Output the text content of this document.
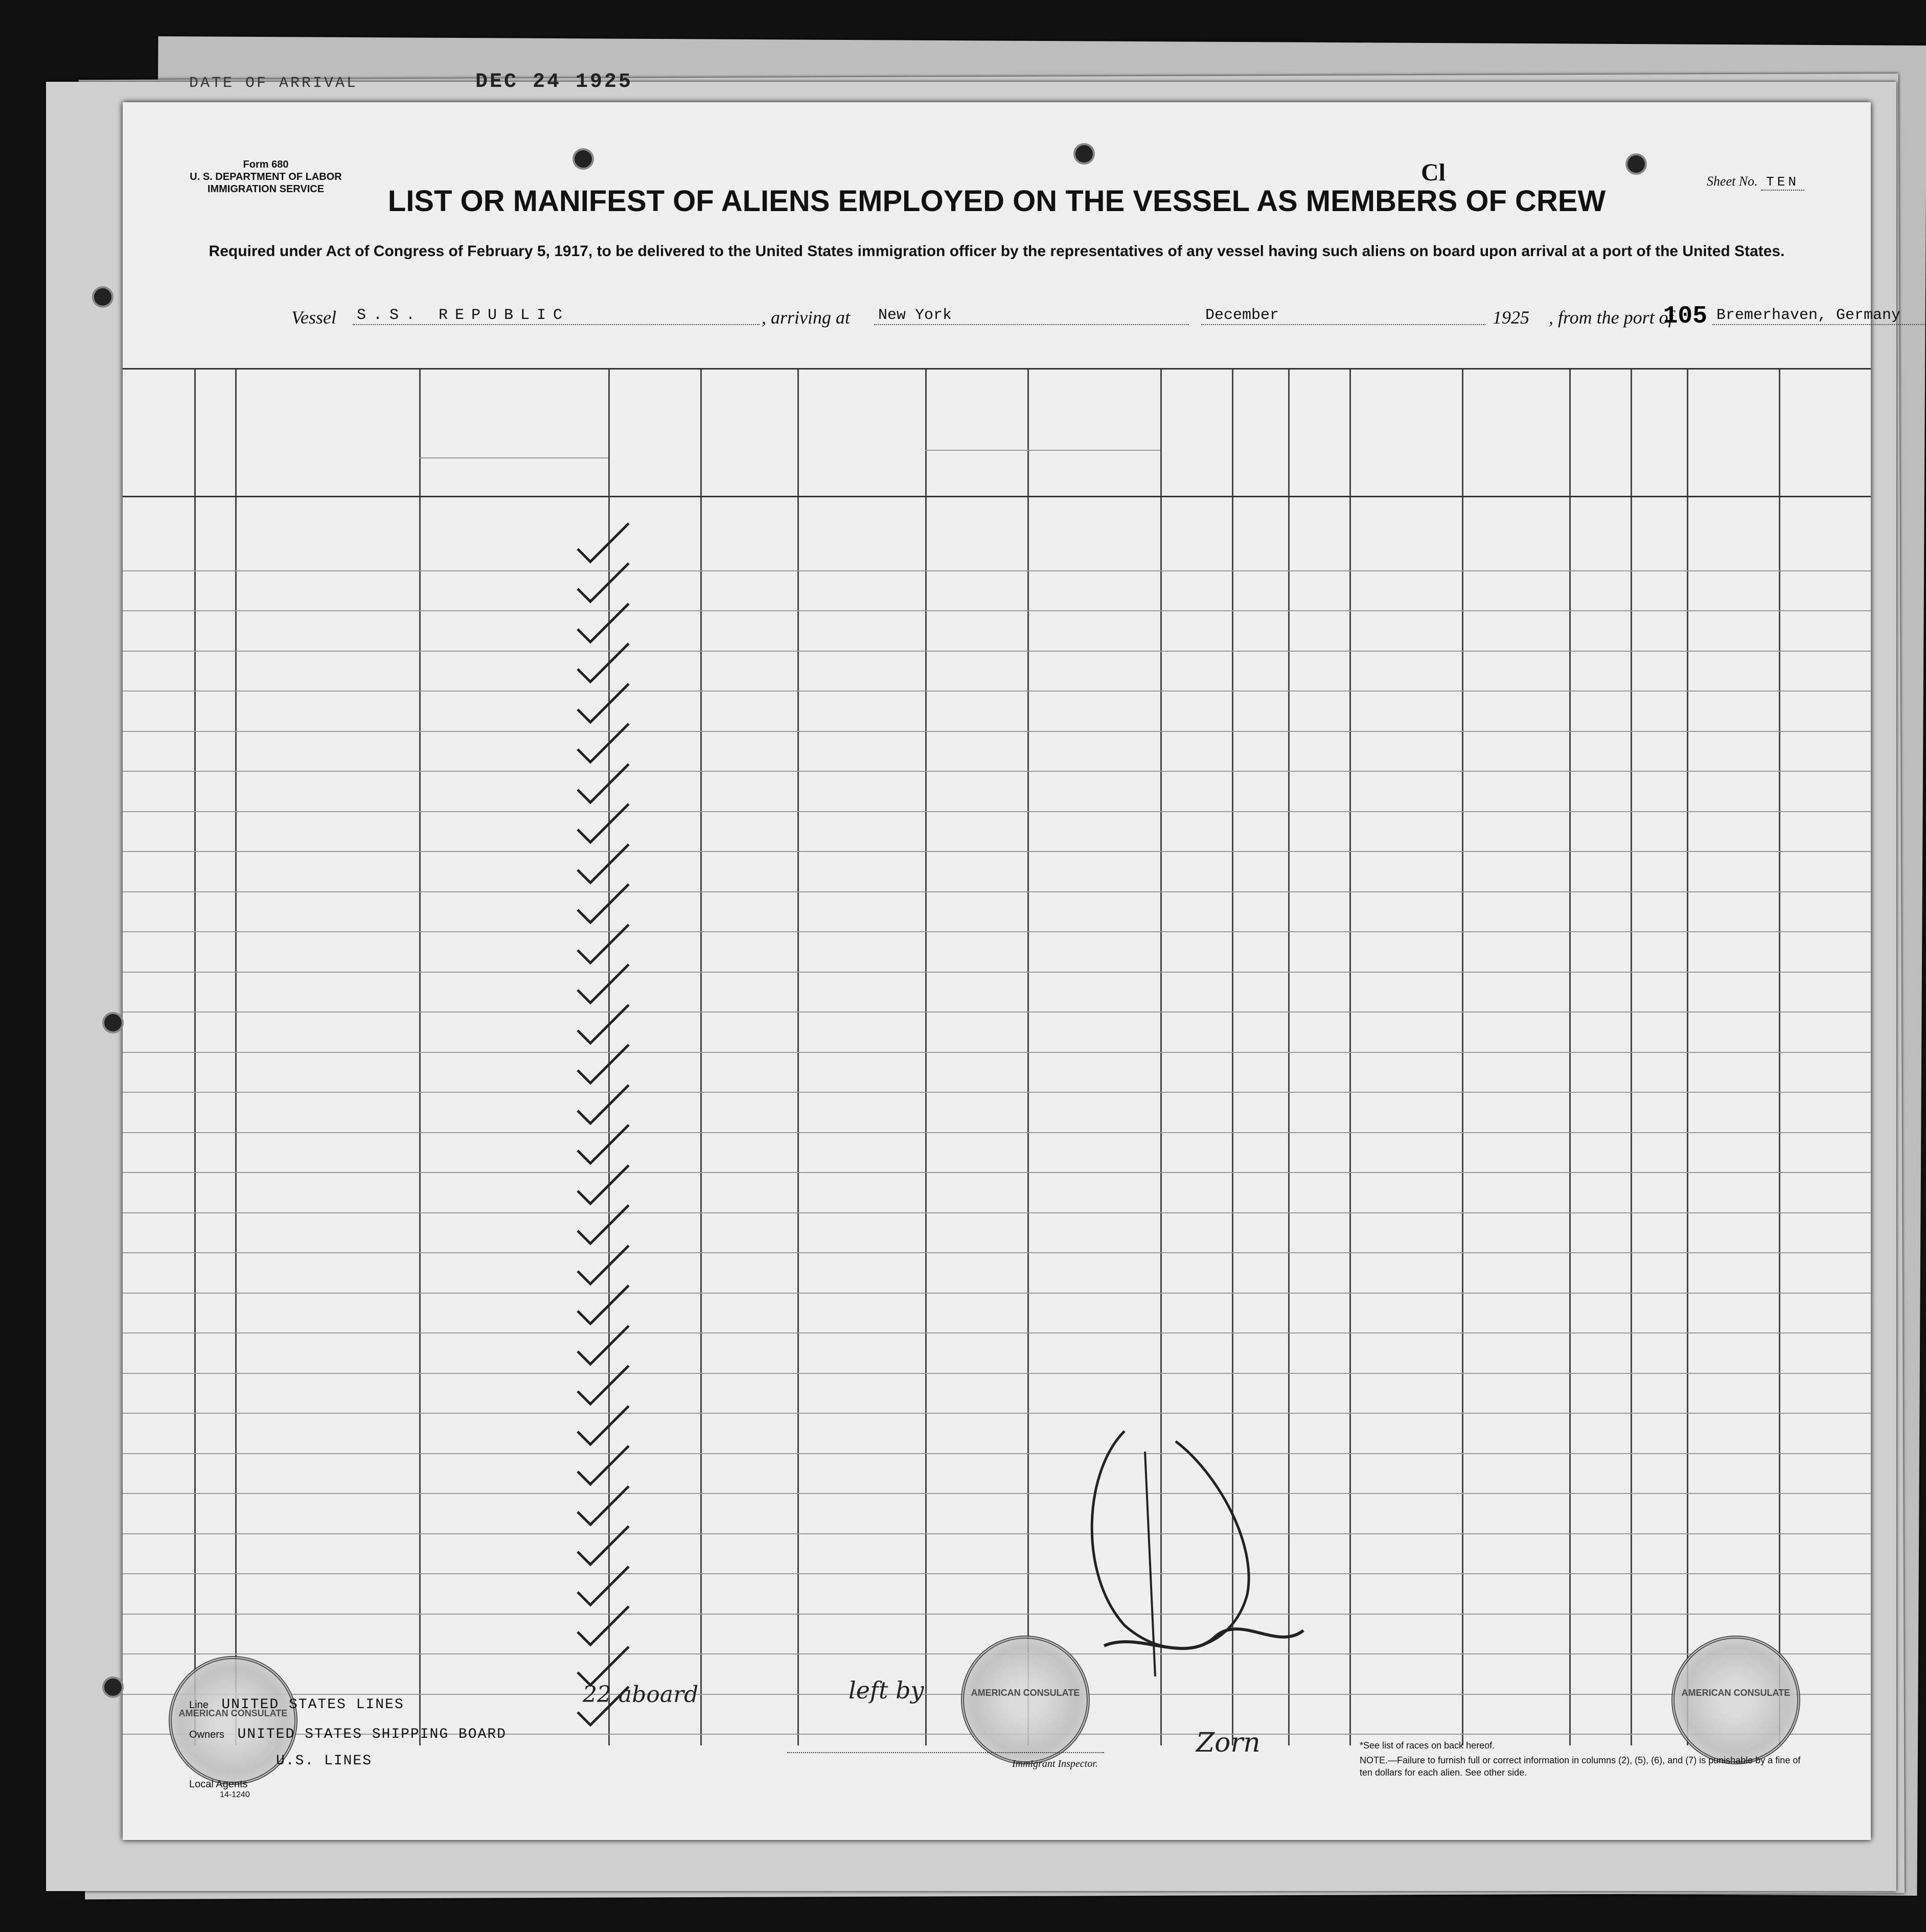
DATE OF ARRIVAL	DEC 24 1925
Form 680
U. S. DEPARTMENT OF LABOR
IMMIGRATION SERVICE
Cl	Sheet No. TEN
LIST OR MANIFEST OF ALIENS EMPLOYED ON THE VESSEL AS MEMBERS OF CREW
Required under Act of Congress of February 5, 1917, to be delivered to the United States immigration officer by the representatives of any vessel having such aliens on board upon arrival at a port of the United States.
Vessel S.S. REPUBLIC	, arriving at New York	December	1925 , from the port of	Bremerhaven, Germany
105
AMERICAN CONSULATE
AMERICAN CONSULATE	AMERICAN CONSULATE
Line UNITED STATES LINES
Owners UNITED STATES SHIPPING BOARD
U.S. LINES
Local Agents
14-1240
Immigrant Inspector.
*See list of races on back hereof.
NOTE.—Failure to furnish full or correct information in columns (2), (5), (6), and (7) is punishable by a fine of ten dollars for each alien. See other side.
22 aboard	left by
Zorn
